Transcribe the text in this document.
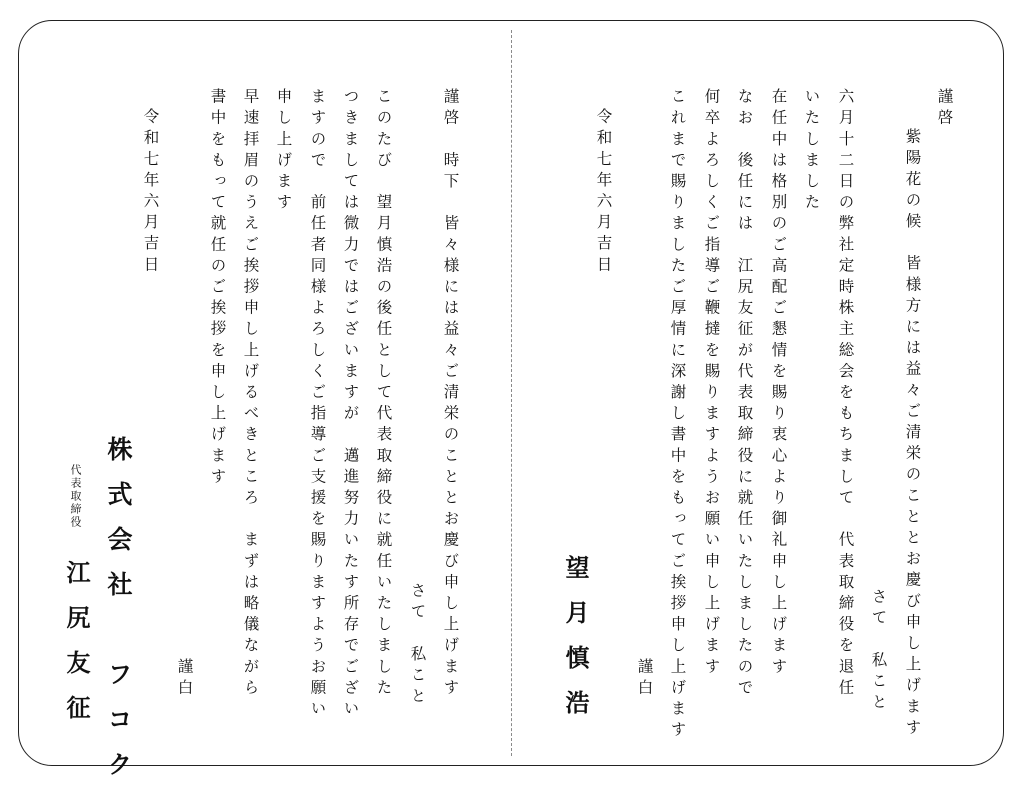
謹啓
紫陽花の候　皆様方には益々ご清栄のこととお慶び申し上げます
さて　私こと
六月十二日の弊社定時株主総会をもちまして　代表取締役を退任
いたしました
在任中は格別のご高配ご懇情を賜り衷心より御礼申し上げます
なお　後任には　江尻友征が代表取締役に就任いたしましたので
何卒よろしくご指導ご鞭撻を賜りますようお願い申し上げます
これまで賜りましたご厚情に深謝し書中をもってご挨拶申し上げます
謹白
令和七年六月吉日
望月慎浩
謹啓　時下　皆々様には益々ご清栄のこととお慶び申し上げます
さて　私こと
このたび　望月慎浩の後任として代表取締役に就任いたしました
つきましては微力ではございますが　邁進努力いたす所存でござい
ますので　前任者同様よろしくご指導ご支援を賜りますようお願い
申し上げます
早速拝眉のうえご挨拶申し上げるべきところ　まずは略儀ながら
書中をもって就任のご挨拶を申し上げます
謹白
令和七年六月吉日
株式会社　フコク
代表取締役
江尻友征
